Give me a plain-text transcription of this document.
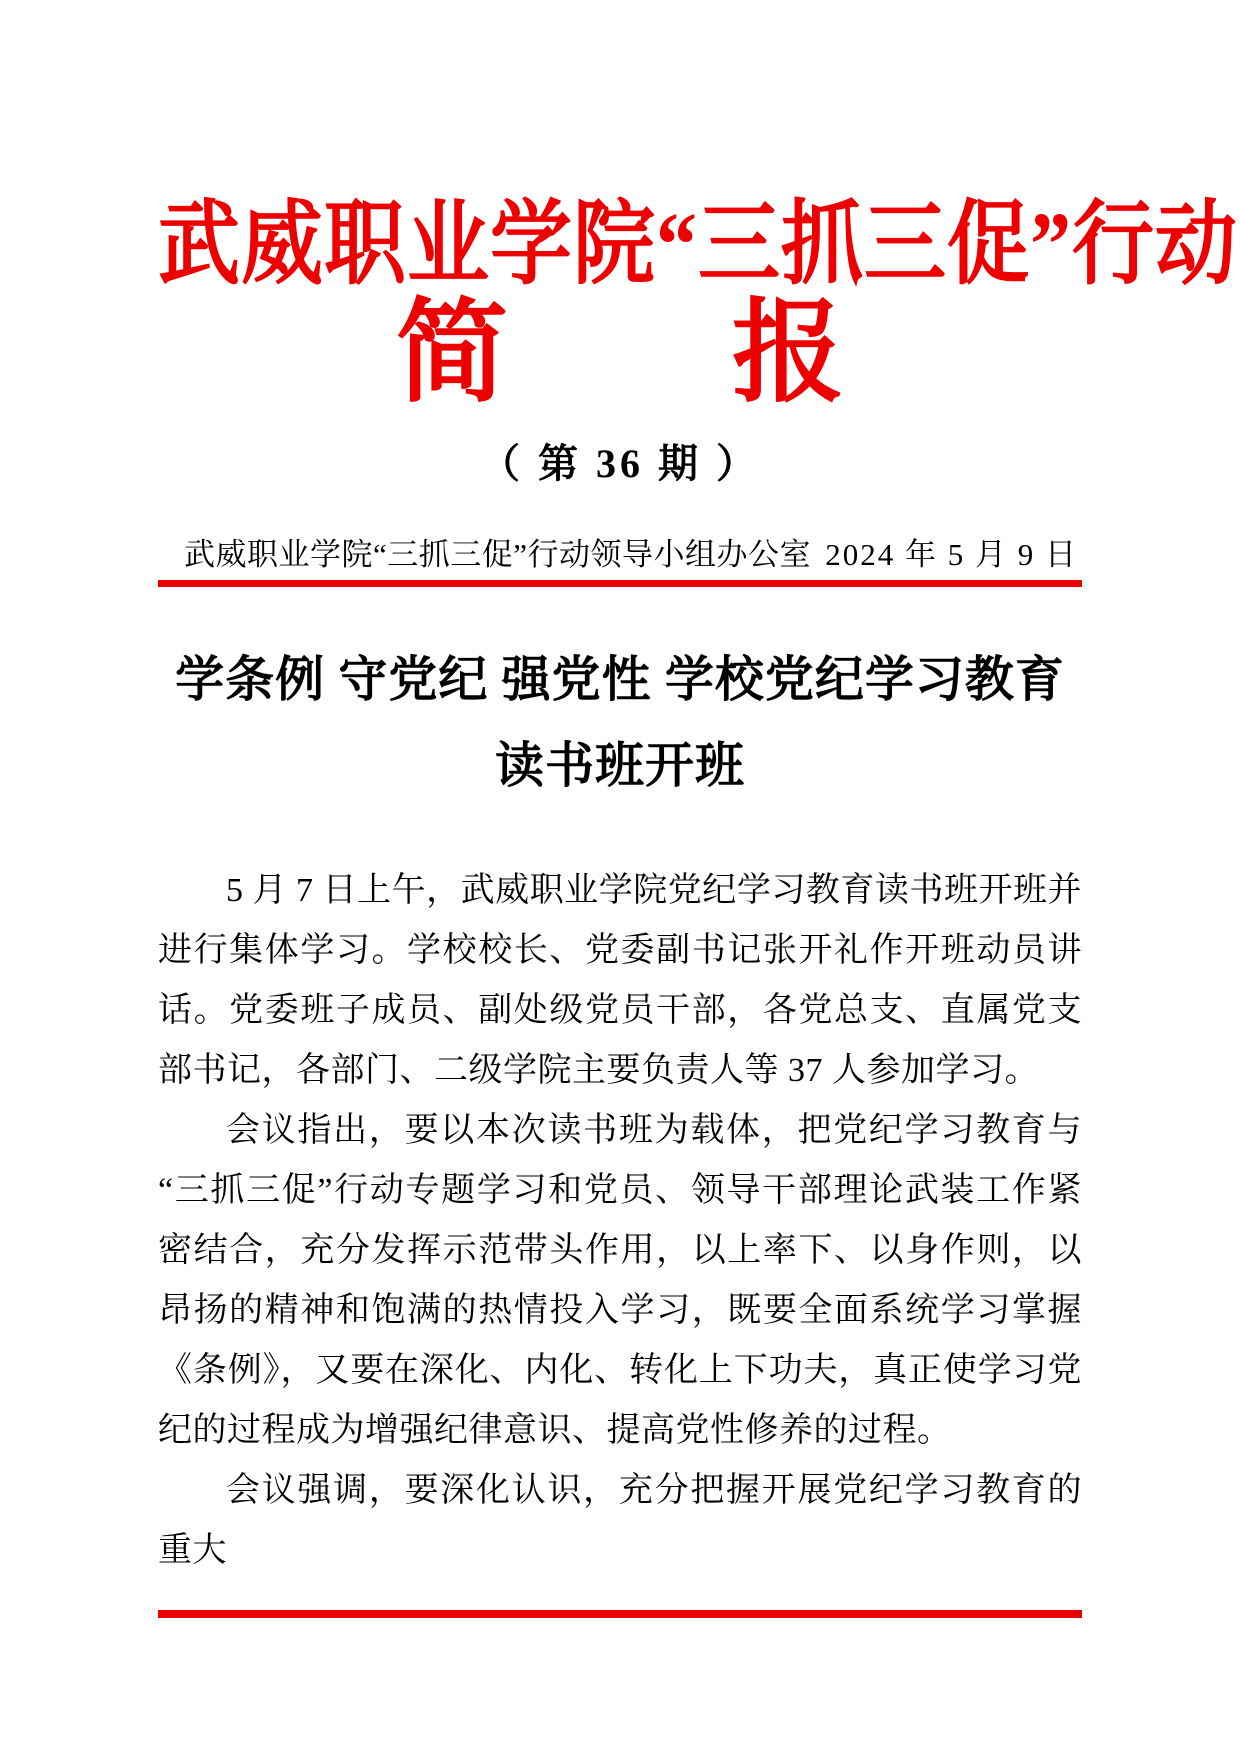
武威职业学院“三抓三促”行动
简　　报
（ 第 36 期 ）
武威职业学院“三抓三促”行动领导小组办公室 2024 年 5 月 9 日
学条例 守党纪 强党性 学校党纪学习教育
读书班开班

5 月 7 日上午，武威职业学院党纪学习教育读书班开班并进行集体学习。学校校长、党委副书记张开礼作开班动员讲话。党委班子成员、副处级党员干部，各党总支、直属党支部书记，各部门、二级学院主要负责人等 37 人参加学习。

会议指出，要以本次读书班为载体，把党纪学习教育与“三抓三促”行动专题学习和党员、领导干部理论武装工作紧密结合，充分发挥示范带头作用，以上率下、以身作则，以昂扬的精神和饱满的热情投入学习，既要全面系统学习掌握《条例》，又要在深化、内化、转化上下功夫，真正使学习党纪的过程成为增强纪律意识、提高党性修养的过程。

会议强调，要深化认识，充分把握开展党纪学习教育的重大
